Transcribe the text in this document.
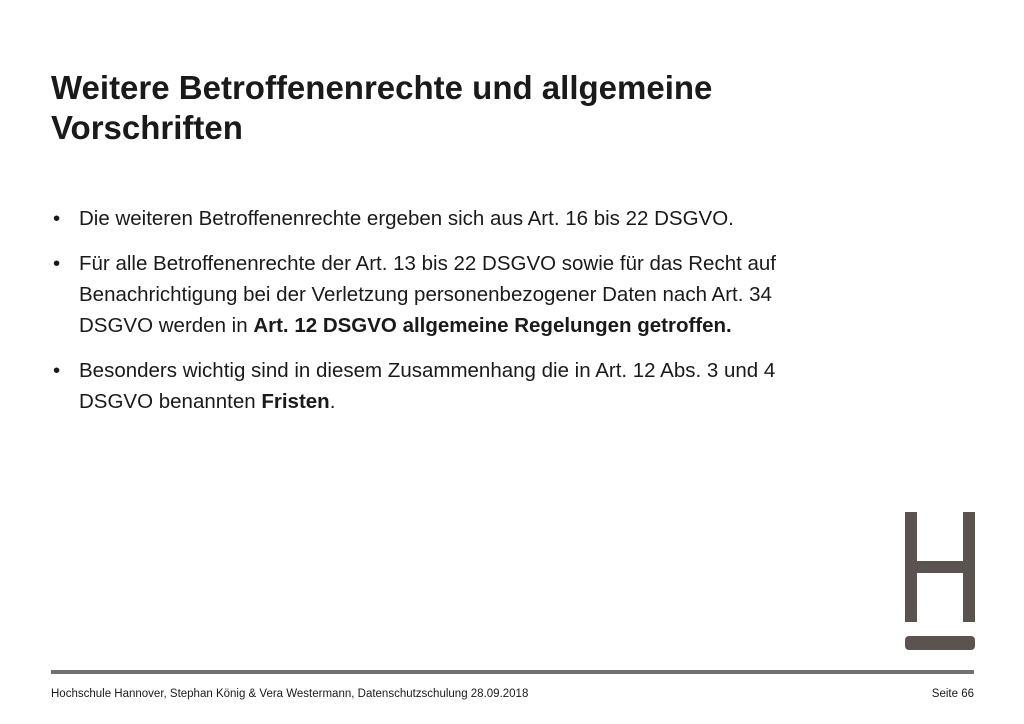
Weitere Betroffenenrechte und allgemeine Vorschriften
• Die weiteren Betroffenenrechte ergeben sich aus Art. 16 bis 22 DSGVO.
• Für alle Betroffenenrechte der Art. 13 bis 22 DSGVO sowie für das Recht auf Benachrichtigung bei der Verletzung personenbezogener Daten nach Art. 34 DSGVO werden in Art. 12 DSGVO allgemeine Regelungen getroffen.
• Besonders wichtig sind in diesem Zusammenhang die in Art. 12 Abs. 3 und 4 DSGVO benannten Fristen.
Hochschule Hannover, Stephan König & Vera Westermann, Datenschutzschulung 28.09.2018	Seite 66
